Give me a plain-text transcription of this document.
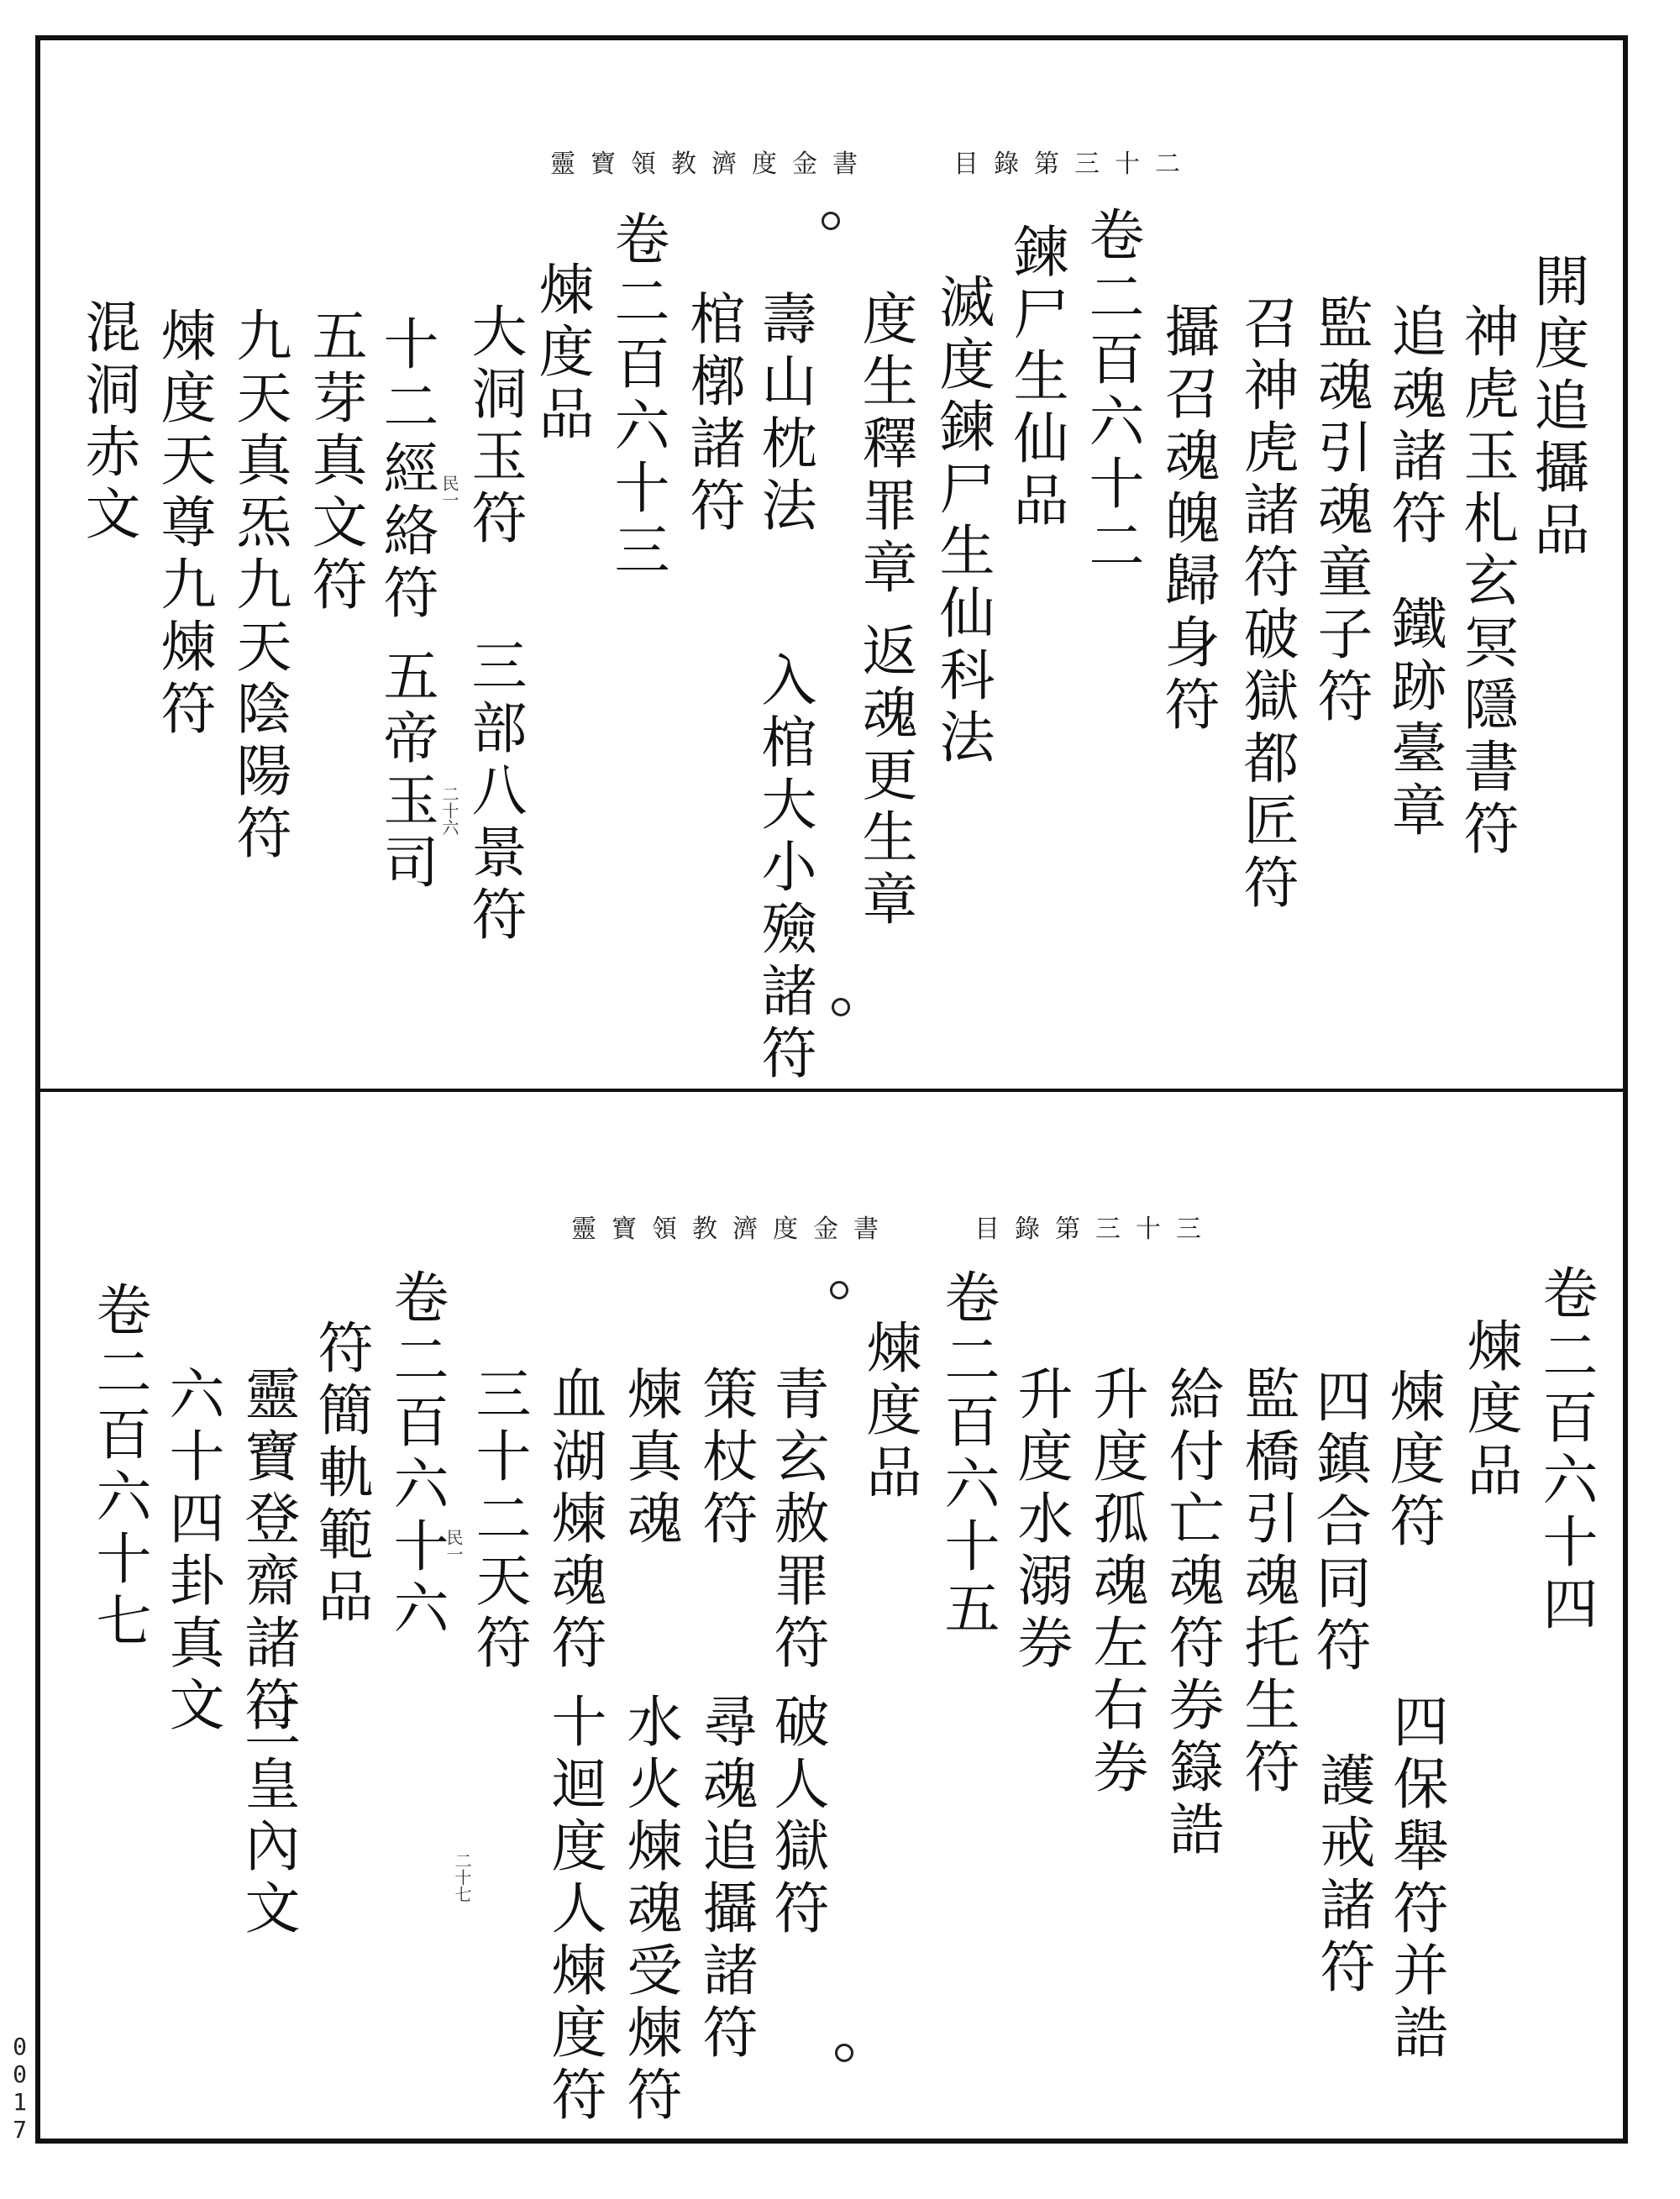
靈寶領教濟度金書　　目錄第三十二
開度追攝品
神虎玉札玄冥隱書符
追魂諸符
鐵跡臺章
監魂引魂童子符
召神虎諸符
破獄都匠符
攝召魂魄歸身符
卷二百六十二
鍊尸生仙品
滅度鍊尸生仙科法
度生釋罪章
返魂更生章
壽山枕法
入棺大小殮諸符
棺槨諸符
卷二百六十三
煉度品
大洞玉符
民一
三部八景符
二十六
十二經絡符
五帝玉司
五芽真文符
九天真炁九天陰陽符
煉度天尊九煉符
混洞赤文
靈寶領教濟度金書　　目錄第三十三
卷二百六十四
煉度品
煉度符
四鎮合同符
四保舉符并誥
護戒諸符
監橋引魂托生符
給付亡魂符券籙誥
升度孤魂左右券
升度水溺券
卷二百六十五
煉度品
青玄赦罪符
破人獄符
策杖符
尋魂追攝諸符
煉真魂
水火煉魂受煉符
血湖煉魂符
十迴度人煉度符
三十二天符
民一
二十七
卷二百六十六
符簡軌範品
靈寶登齋諸符
三皇內文
六十四卦真文
卷二百六十七
0017
